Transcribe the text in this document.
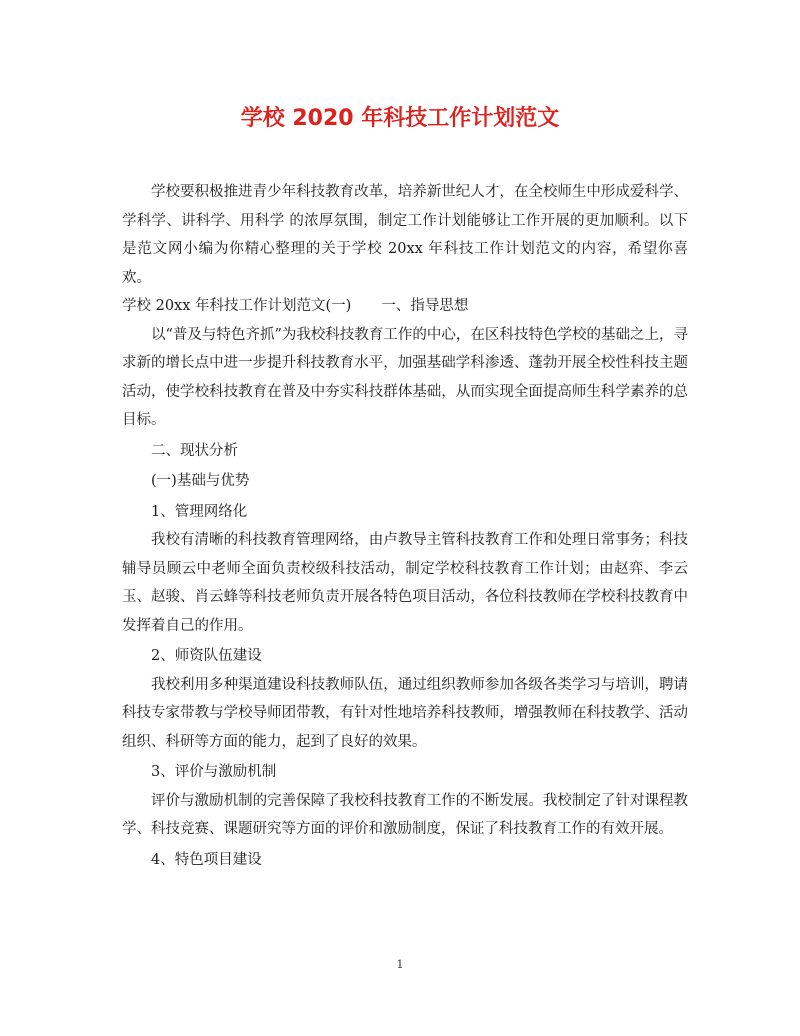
学校 2020 年科技工作计划范文

学校要积极推进青少年科技教育改革，培养新世纪人才，在全校师生中形成爱科学、学科学、讲科学、用科学 的浓厚氛围，制定工作计划能够让工作开展的更加顺利。以下是范文网小编为你精心整理的关于学校 20xx 年科技工作计划范文的内容，希望你喜欢。

学校 20xx 年科技工作计划范文(一) 一、指导思想

以“普及与特色齐抓”为我校科技教育工作的中心，在区科技特色学校的基础之上，寻求新的增长点中进一步提升科技教育水平，加强基础学科渗透、蓬勃开展全校性科技主题活动，使学校科技教育在普及中夯实科技群体基础，从而实现全面提高师生科学素养的总目标。

二、现状分析

(一)基础与优势

1、管理网络化

我校有清晰的科技教育管理网络，由卢教导主管科技教育工作和处理日常事务；科技辅导员顾云中老师全面负责校级科技活动，制定学校科技教育工作计划；由赵弈、李云玉、赵骏、肖云蜂等科技老师负责开展各特色项目活动，各位科技教师在学校科技教育中发挥着自己的作用。

2、师资队伍建设

我校利用多种渠道建设科技教师队伍，通过组织教师参加各级各类学习与培训，聘请科技专家带教与学校导师团带教，有针对性地培养科技教师，增强教师在科技教学、活动组织、科研等方面的能力，起到了良好的效果。

3、评价与激励机制

评价与激励机制的完善保障了我校科技教育工作的不断发展。我校制定了针对课程教学、科技竞赛、课题研究等方面的评价和激励制度，保证了科技教育工作的有效开展。

4、特色项目建设

1
